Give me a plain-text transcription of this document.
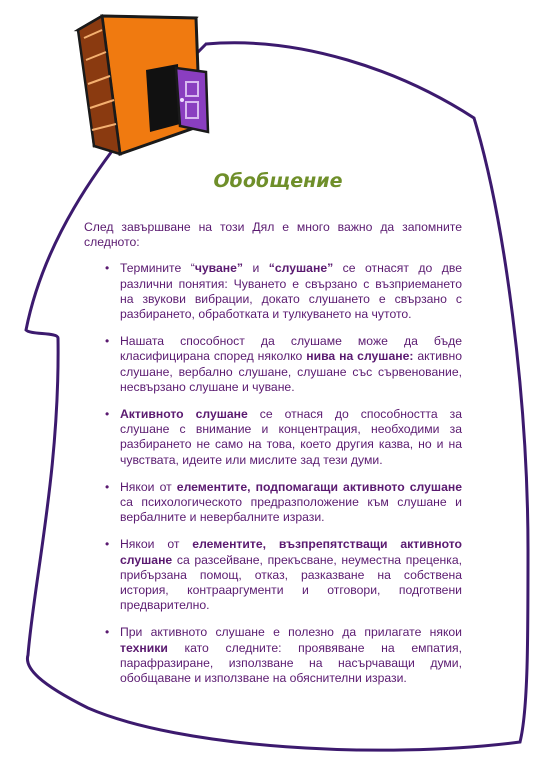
Обобщение

След завършване на този Дял е много важно да запомните следното:

• Термините “чуване” и “слушане” се отнасят до две различни понятия: Чуването е свързано с възприемането на звукови вибрации, докато слушането е свързано с разбирането, обработката и тулкуването на чутото.
• Нашата способност да слушаме може да бъде класифицирана според няколко нива на слушане: активно слушане, вербално слушане, слушане със сървенование, несвързано слушане и чуване.
• Активното слушане се отнася до способността за слушане с внимание и концентрация, необходими за разбирането не само на това, което другия казва, но и на чувствата, идеите или мислите зад тези думи.
• Някои от елементите, подпомагащи активното слушане са психологическото предразположение към слушане и вербалните и невербалните изрази.
• Някои от елементите, възпрепятстващи активното слушане са разсейване, прекъсване, неуместна преценка, прибързана помощ, отказ, разказване на собствена история, контрааргументи и отговори, подготвени предварително.
• При активното слушане е полезно да прилагате някои техники като следните: проявяване на емпатия, парафразиране, използване на насърчаващи думи, обобщаване и използване на обяснителни изрази.
